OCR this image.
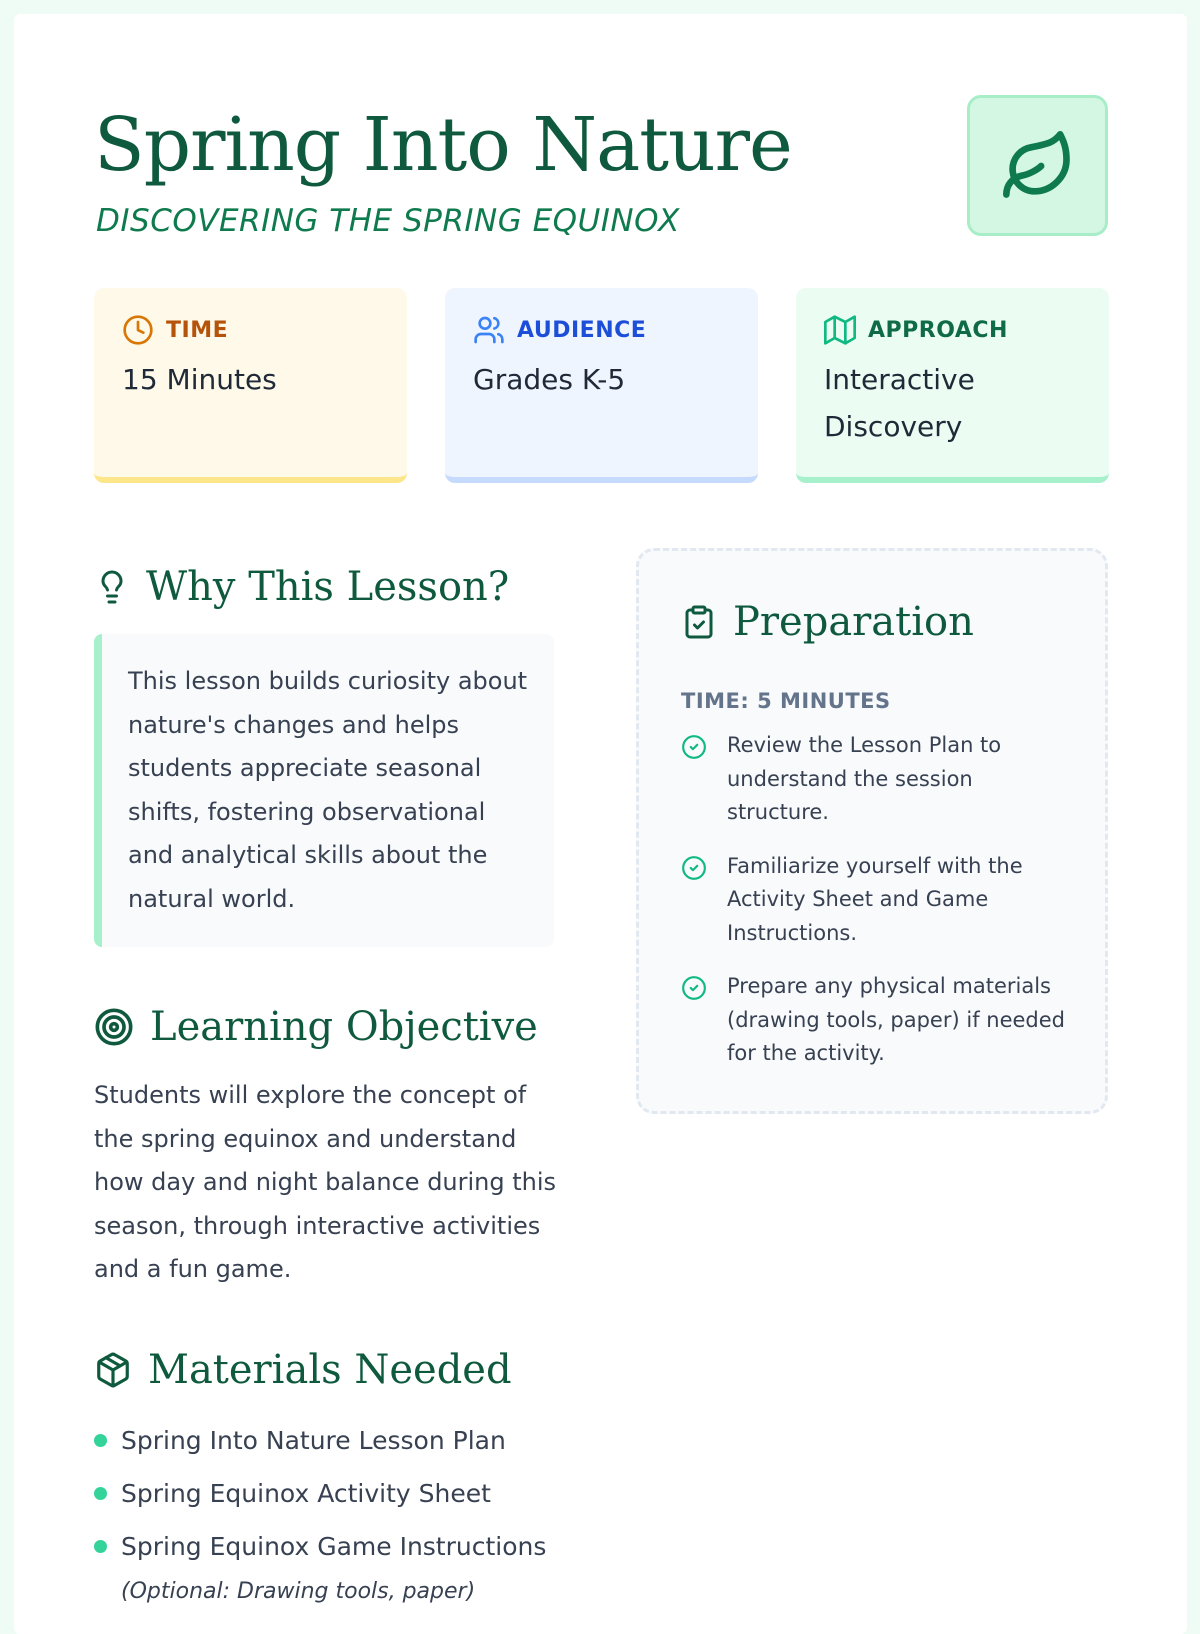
Spring Into Nature
DISCOVERING THE SPRING EQUINOX
TIME
15 Minutes
AUDIENCE
Grades K-5
APPROACH
Interactive Discovery
Why This Lesson?
This lesson builds curiosity about nature's changes and helps students appreciate seasonal shifts, fostering observational and analytical skills about the natural world.
Learning Objective

Students will explore the concept of the spring equinox and understand how day and night balance during this season, through interactive activities and a fun game.

Materials Needed
Spring Into Nature Lesson Plan
Spring Equinox Activity Sheet
Spring Equinox Game Instructions
(Optional: Drawing tools, paper)
Preparation
TIME: 5 MINUTES
Review the Lesson Plan to understand the session structure.
Familiarize yourself with the Activity Sheet and Game Instructions.
Prepare any physical materials (drawing tools, paper) if needed for the activity.
